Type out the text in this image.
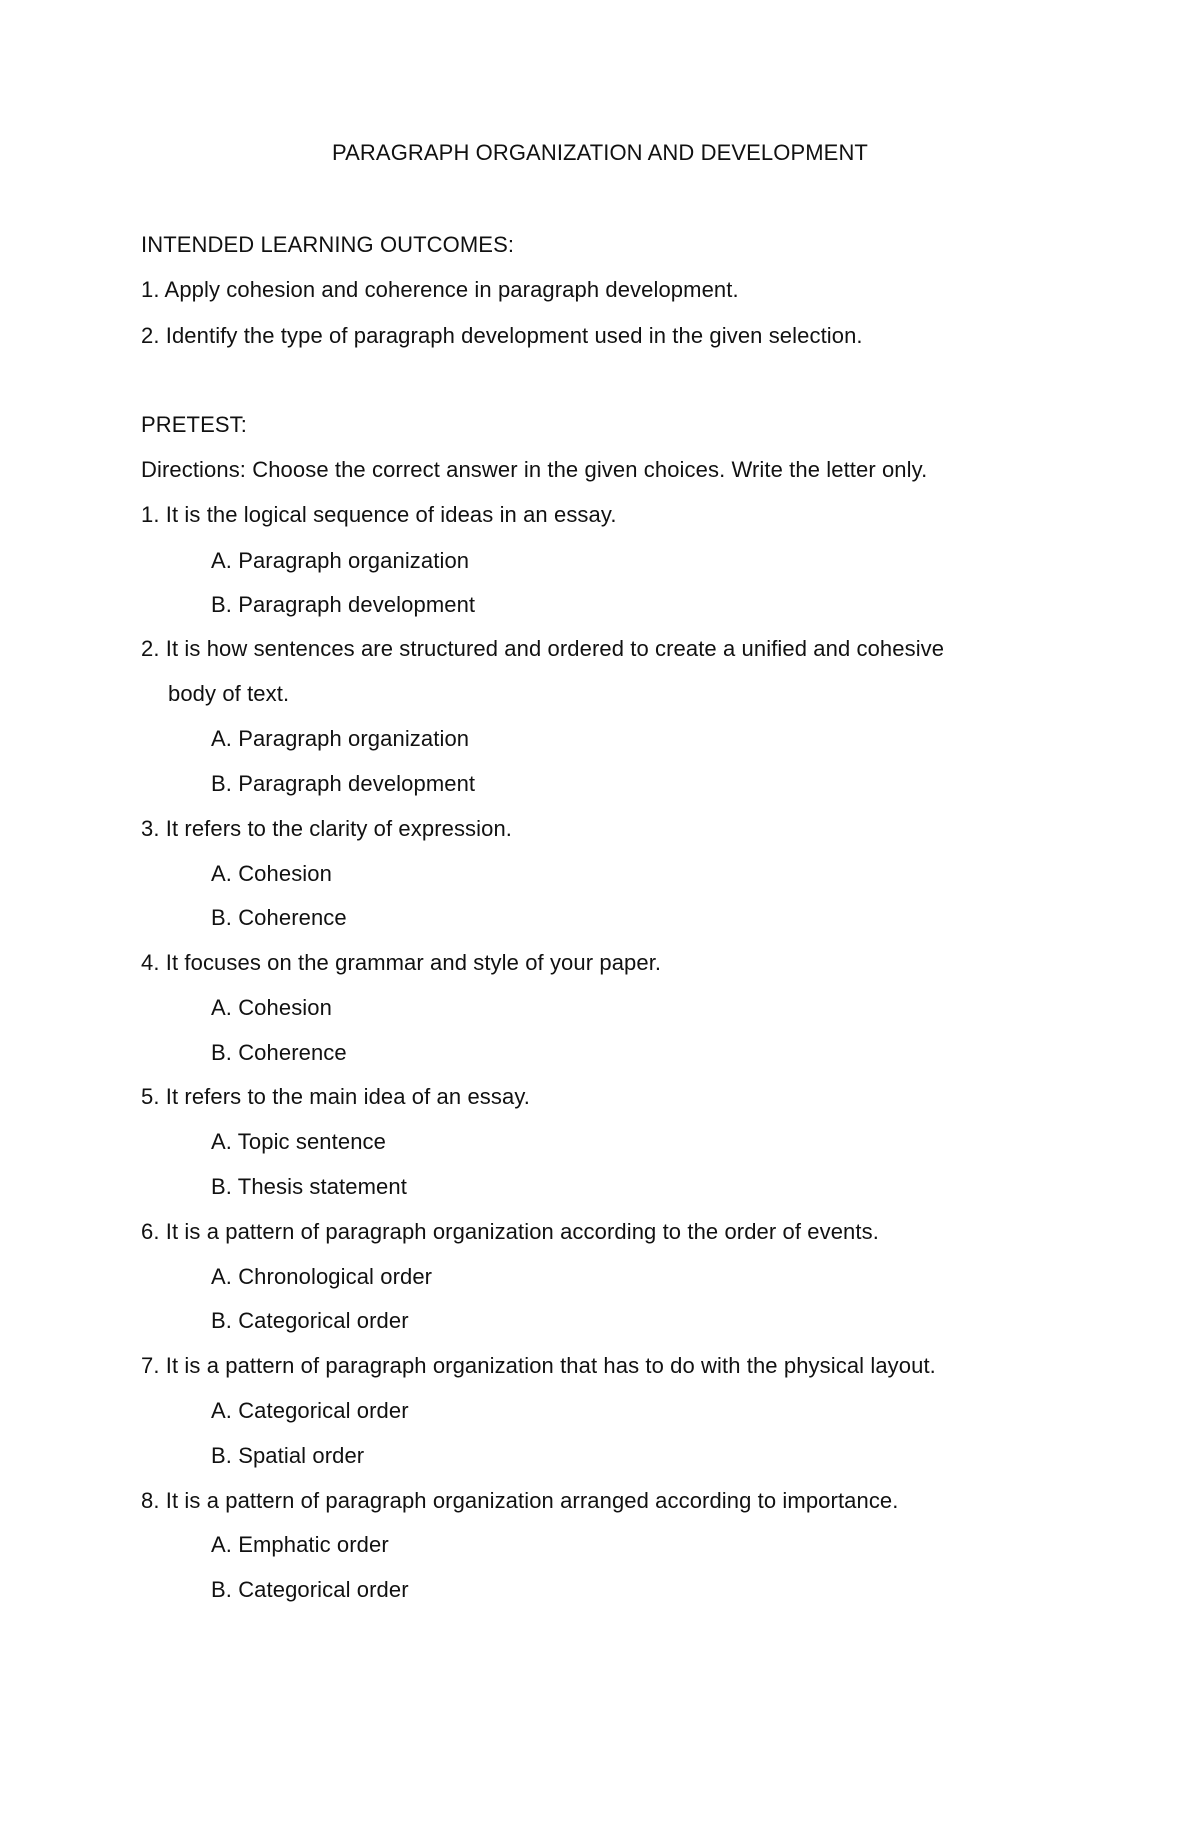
PARAGRAPH ORGANIZATION AND DEVELOPMENT
INTENDED LEARNING OUTCOMES:
1. Apply cohesion and coherence in paragraph development.
2. Identify the type of paragraph development used in the given selection.
PRETEST:
Directions: Choose the correct answer in the given choices. Write the letter only.
1. It is the logical sequence of ideas in an essay.
A. Paragraph organization
B. Paragraph development
2. It is how sentences are structured and ordered to create a unified and cohesive
body of text.
A. Paragraph organization
B. Paragraph development
3. It refers to the clarity of expression.
A. Cohesion
B. Coherence
4. It focuses on the grammar and style of your paper.
A. Cohesion
B. Coherence
5. It refers to the main idea of an essay.
A. Topic sentence
B. Thesis statement
6. It is a pattern of paragraph organization according to the order of events.
A. Chronological order
B. Categorical order
7. It is a pattern of paragraph organization that has to do with the physical layout.
A. Categorical order
B. Spatial order
8. It is a pattern of paragraph organization arranged according to importance.
A. Emphatic order
B. Categorical order
